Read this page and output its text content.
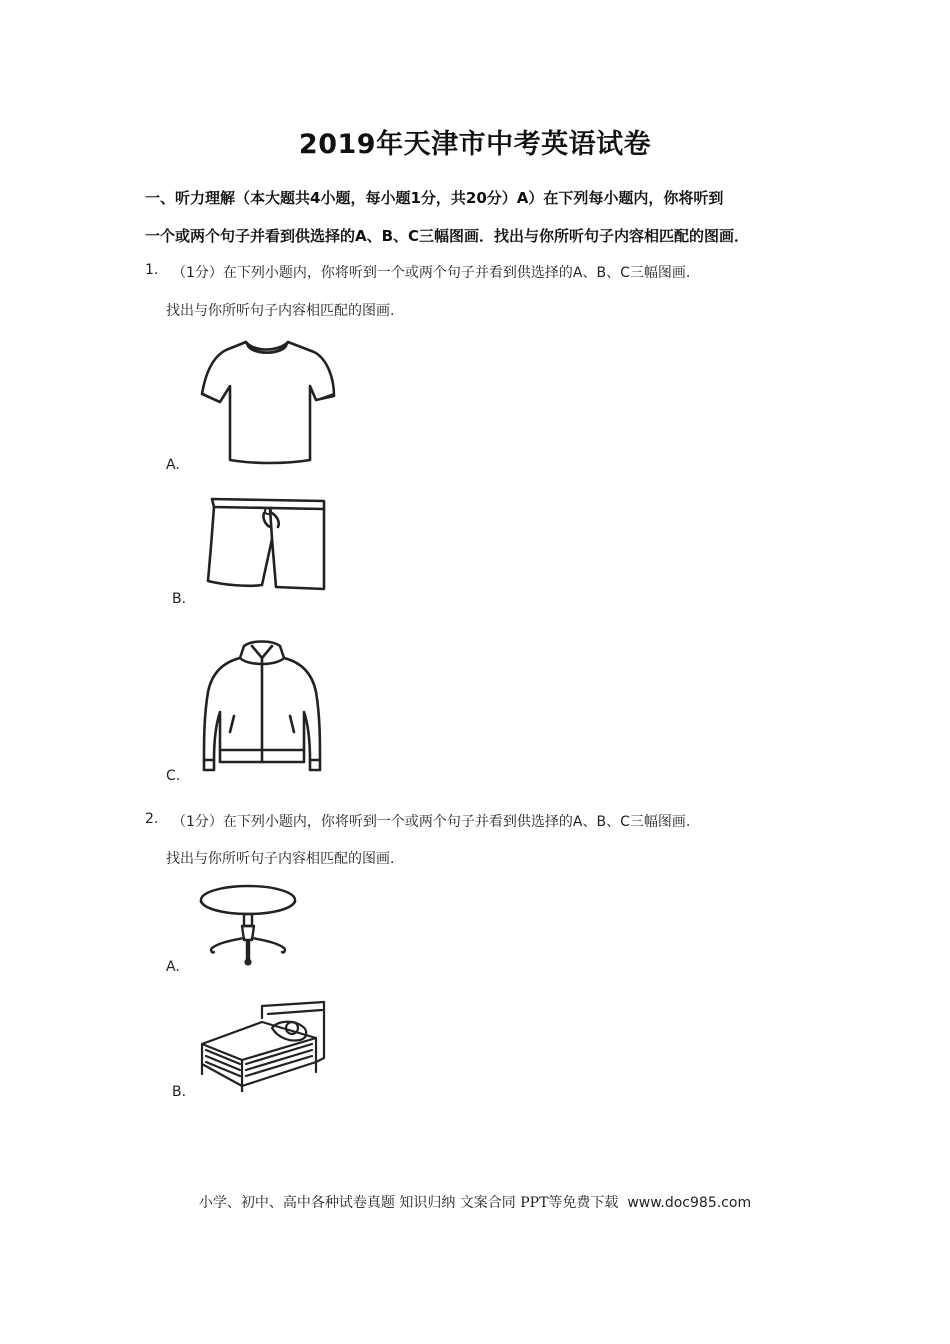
2019年天津市中考英语试卷
一、听力理解（本大题共4小题，每小题1分，共20分）A）在下列每小题内，你将听到
一个或两个句子并看到供选择的A、B、C三幅图画．找出与你所听句子内容相匹配的图画．
1. （1分）在下列小题内，你将听到一个或两个句子并看到供选择的A、B、C三幅图画.
找出与你所听句子内容相匹配的图画.
A.
B.
C.
2. （1分）在下列小题内，你将听到一个或两个句子并看到供选择的A、B、C三幅图画.
找出与你所听句子内容相匹配的图画.
A.
B.
小学、初中、高中各种试卷真题 知识归纳 文案合同 PPT等免费下载 www.doc985.com
